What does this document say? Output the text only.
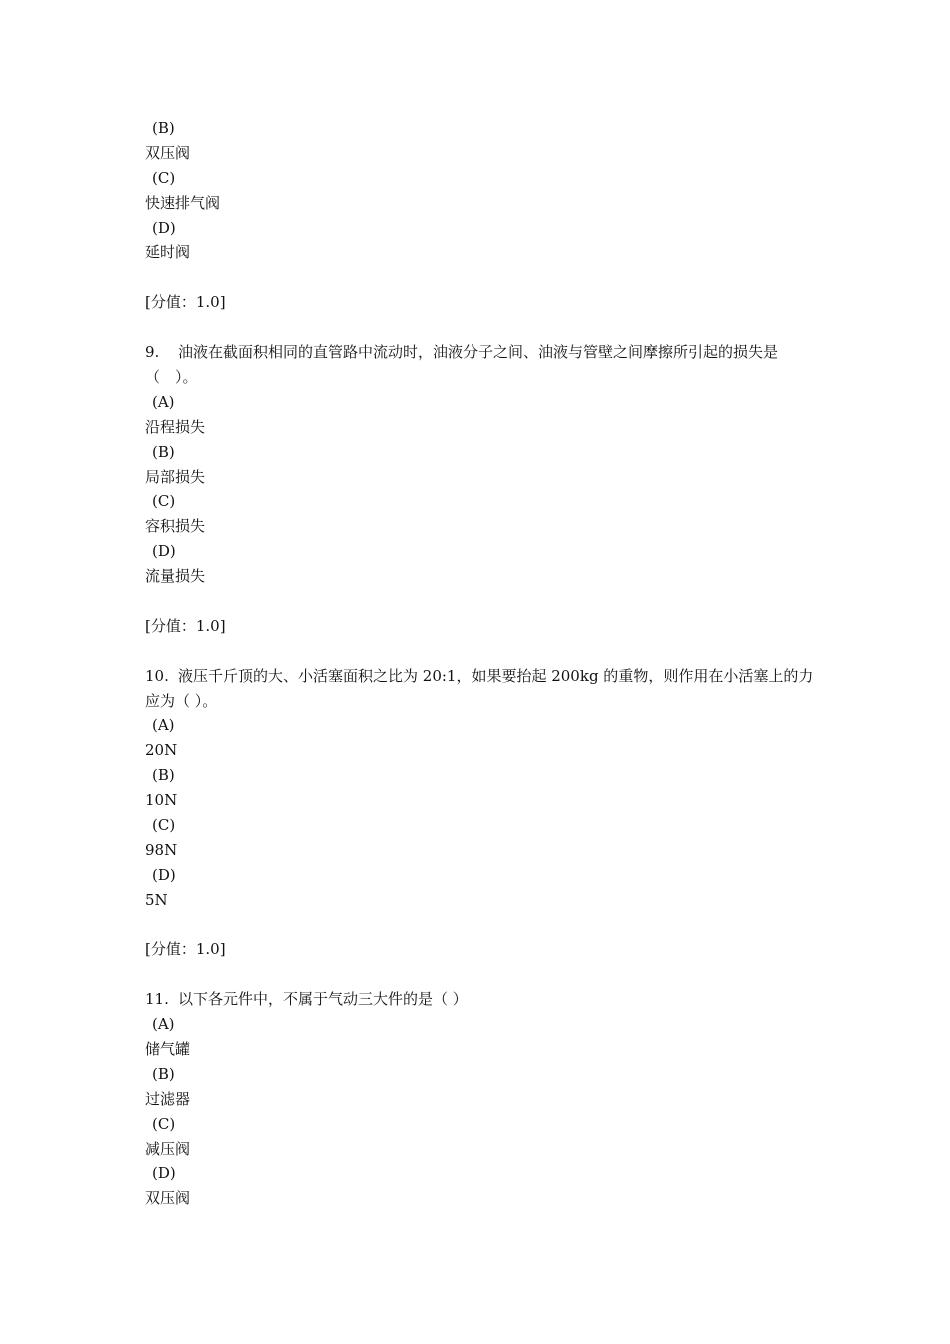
(B)
双压阀
(C)
快速排气阀
(D)
延时阀
[分值：1.0]
9. 油液在截面积相同的直管路中流动时，油液分子之间、油液与管壁之间摩擦所引起的损失是（　）。
(A)
沿程损失
(B)
局部损失
(C)
容积损失
(D)
流量损失
[分值：1.0]
10. 液压千斤顶的大、小活塞面积之比为 20:1，如果要抬起 200kg 的重物，则作用在小活塞上的力应为（ ）。
(A)
20N
(B)
10N
(C)
98N
(D)
5N
[分值：1.0]
11. 以下各元件中，不属于气动三大件的是（ ）
(A)
储气罐
(B)
过滤器
(C)
减压阀
(D)
双压阀
